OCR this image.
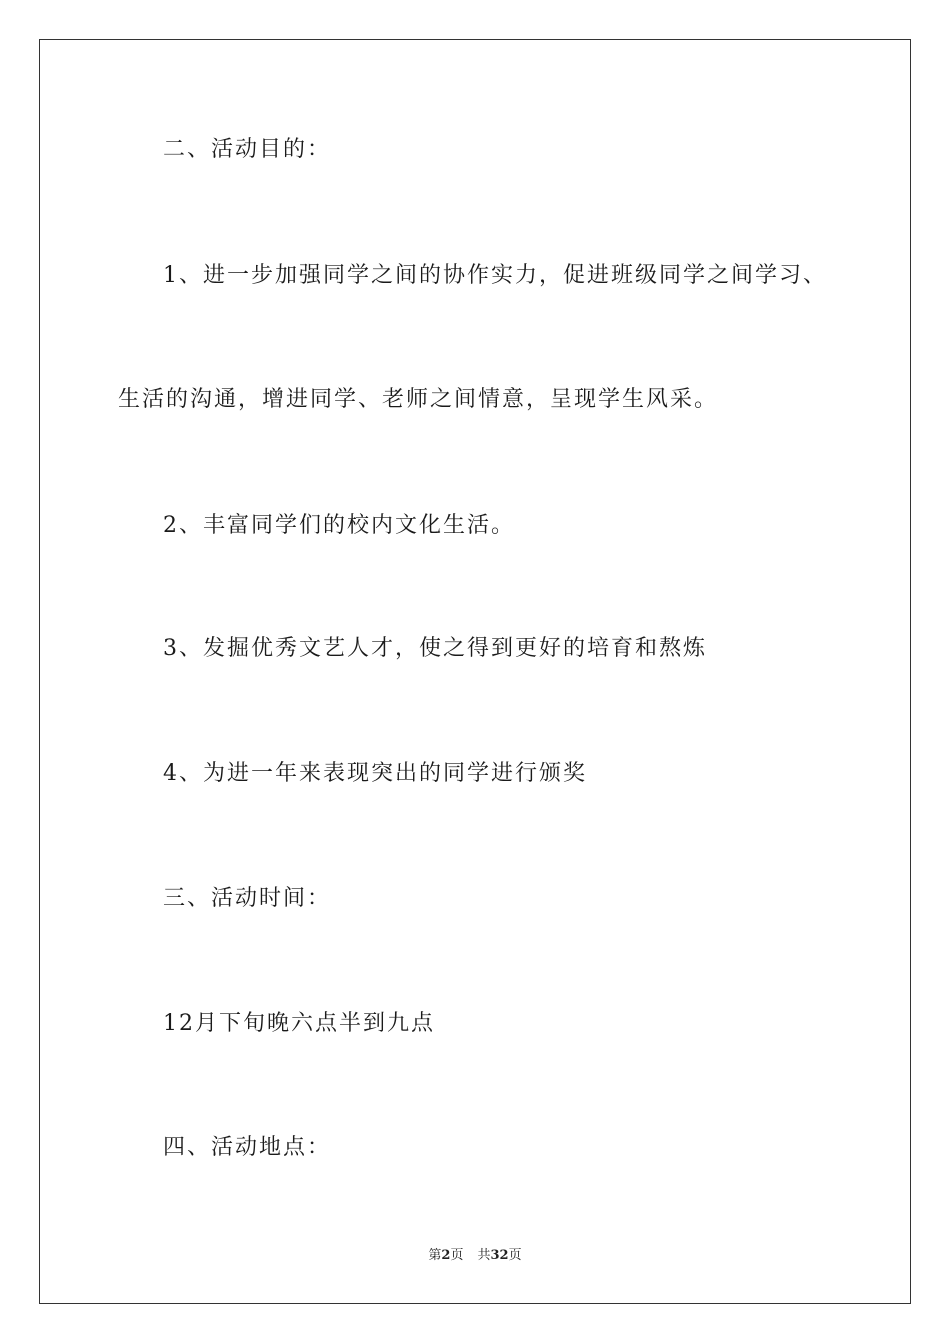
二、活动目的：

1、进一步加强同学之间的协作实力，促进班级同学之间学习、

生活的沟通，增进同学、老师之间情意，呈现学生风采。

2、丰富同学们的校内文化生活。

3、发掘优秀文艺人才，使之得到更好的培育和熬炼

4、为进一年来表现突出的同学进行颁奖

三、活动时间：

12月下旬晚六点半到九点

四、活动地点：

第2页 共32页
